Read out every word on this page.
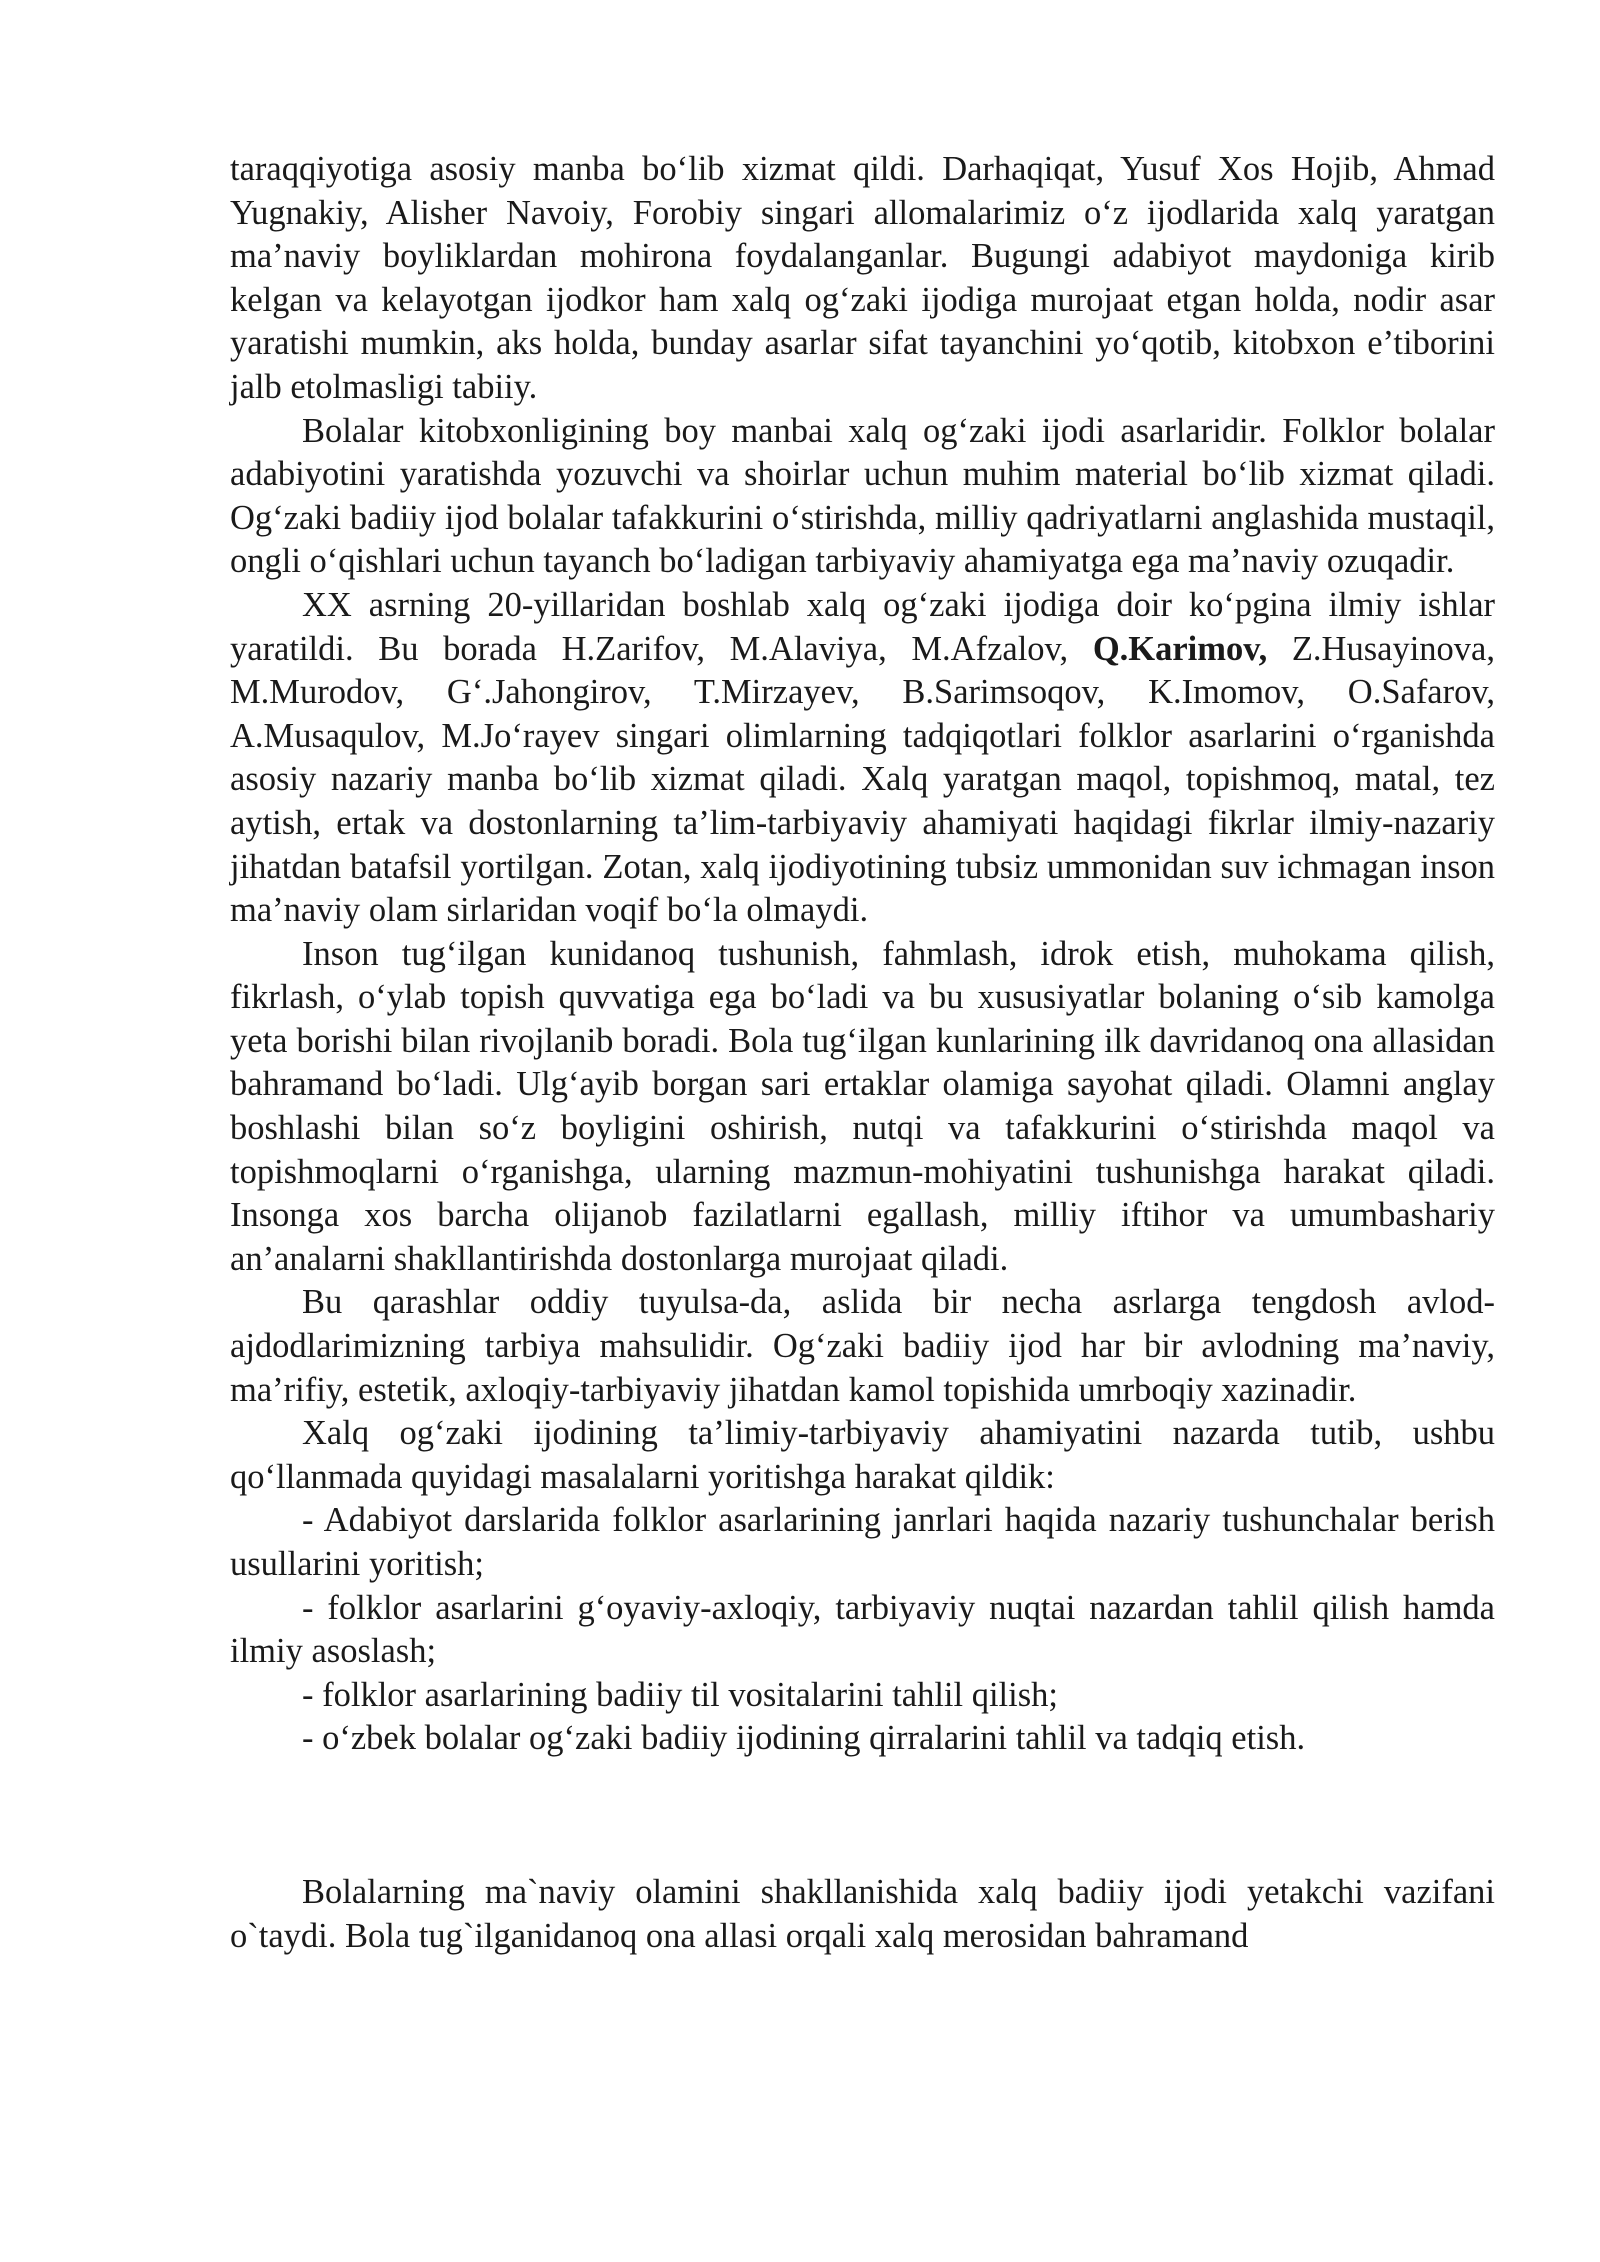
taraqqiyotiga asosiy manba bo‘lib xizmat qildi. Darhaqiqat, Yusuf Xos Hojib, Ahmad Yugnakiy, Alisher Navoiy, Forobiy singari allomalarimiz o‘z ijodlarida xalq yaratgan ma’naviy boyliklardan mohirona foydalanganlar. Bugungi adabiyot maydoniga kirib kelgan va kelayotgan ijodkor ham xalq og‘zaki ijodiga murojaat etgan holda, nodir asar yaratishi mumkin, aks holda, bunday asarlar sifat tayanchini yo‘qotib, kitobxon e’tiborini jalb etolmasligi tabiiy.

Bolalar kitobxonligining boy manbai xalq og‘zaki ijodi asarlaridir. Folklor bolalar adabiyotini yaratishda yozuvchi va shoirlar uchun muhim material bo‘lib xizmat qiladi. Og‘zaki badiiy ijod bolalar tafakkurini o‘stirishda, milliy qadriyatlarni anglashida mustaqil, ongli o‘qishlari uchun tayanch bo‘ladigan tarbiyaviy ahamiyatga ega ma’naviy ozuqadir.

XX asrning 20-yillaridan boshlab xalq og‘zaki ijodiga doir ko‘pgina ilmiy ishlar yaratildi. Bu borada H.Zarifov, M.Alaviya, M.Afzalov, Q.Karimov, Z.Husayinova, M.Murodov, G‘.Jahongirov, T.Mirzayev, B.Sarimsoqov, K.Imomov, O.Safarov, A.Musaqulov, M.Jo‘rayev singari olimlarning tadqiqotlari folklor asarlarini o‘rganishda asosiy nazariy manba bo‘lib xizmat qiladi. Xalq yaratgan maqol, topishmoq, matal, tez aytish, ertak va dostonlarning ta’lim-tarbiyaviy ahamiyati haqidagi fikrlar ilmiy-nazariy jihatdan batafsil yortilgan. Zotan, xalq ijodiyotining tubsiz ummonidan suv ichmagan inson ma’naviy olam sirlaridan voqif bo‘la olmaydi.

Inson tug‘ilgan kunidanoq tushunish, fahmlash, idrok etish, muhokama qilish, fikrlash, o‘ylab topish quvvatiga ega bo‘ladi va bu xususiyatlar bolaning o‘sib kamolga yeta borishi bilan rivojlanib boradi. Bola tug‘ilgan kunlarining ilk davridanoq ona allasidan bahramand bo‘ladi. Ulg‘ayib borgan sari ertaklar olamiga sayohat qiladi. Olamni anglay boshlashi bilan so‘z boyligini oshirish, nutqi va tafakkurini o‘stirishda maqol va topishmoqlarni o‘rganishga, ularning mazmun-mohiyatini tushunishga harakat qiladi. Insonga xos barcha olijanob fazilatlarni egallash, milliy iftihor va umumbashariy an’analarni shakllantirishda dostonlarga murojaat qiladi.

Bu qarashlar oddiy tuyulsa-da, aslida bir necha asrlarga tengdosh avlod-ajdodlarimizning tarbiya mahsulidir. Og‘zaki badiiy ijod har bir avlodning ma’naviy, ma’rifiy, estetik, axloqiy-tarbiyaviy jihatdan kamol topishida umrboqiy xazinadir.

Xalq og‘zaki ijodining ta’limiy-tarbiyaviy ahamiyatini nazarda tutib, ushbu qo‘llanmada quyidagi masalalarni yoritishga harakat qildik:

- Adabiyot darslarida folklor asarlarining janrlari haqida nazariy tushunchalar berish usullarini yoritish;

- folklor asarlarini g‘oyaviy-axloqiy, tarbiyaviy nuqtai nazardan tahlil qilish hamda ilmiy asoslash;

- folklor asarlarining badiiy til vositalarini tahlil qilish;

- o‘zbek bolalar og‘zaki badiiy ijodining qirralarini tahlil va tadqiq etish.

Bolalarning ma`naviy olamini shakllanishida xalq badiiy ijodi yetakchi vazifani o`taydi. Bola tug`ilganidanoq ona allasi orqali xalq merosidan bahramand
